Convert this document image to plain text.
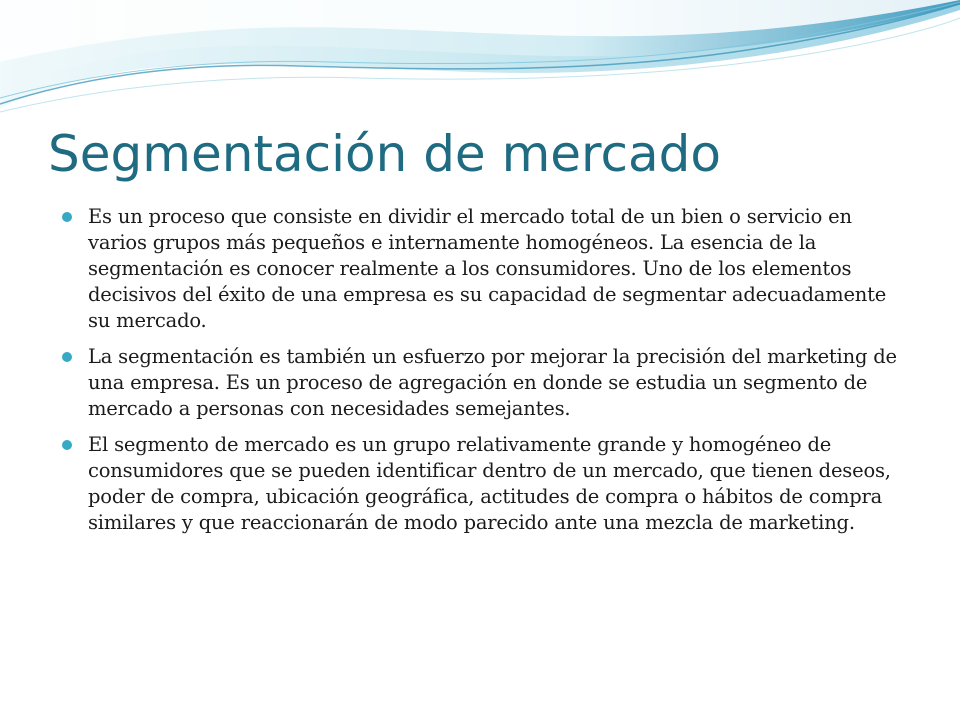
Segmentación de mercado
Es un proceso que consiste en dividir el mercado total de un bien o servicio en varios grupos más pequeños e internamente homogéneos. La esencia de la segmentación es conocer realmente a los consumidores. Uno de los elementos decisivos del éxito de una empresa es su capacidad de segmentar adecuadamente su mercado.
La segmentación es también un esfuerzo por mejorar la precisión del marketing de una empresa. Es un proceso de agregación en donde se estudia un segmento de mercado a personas con necesidades semejantes.
El segmento de mercado es un grupo relativamente grande y homogéneo de consumidores que se pueden identificar dentro de un mercado, que tienen deseos, poder de compra, ubicación geográfica, actitudes de compra o hábitos de compra similares y que reaccionarán de modo parecido ante una mezcla de marketing.
